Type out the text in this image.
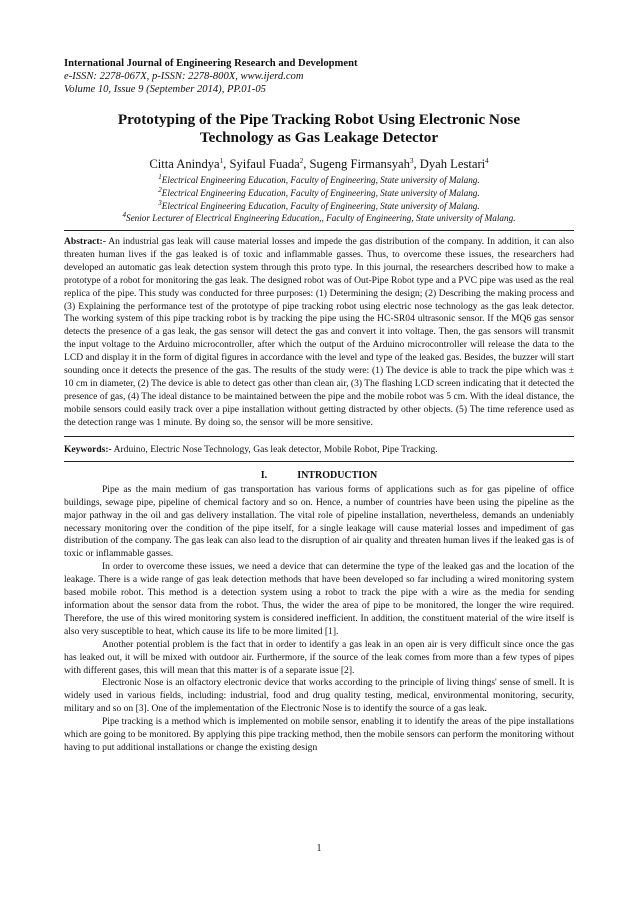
International Journal of Engineering Research and Development
e-ISSN: 2278-067X, p-ISSN: 2278-800X, www.ijerd.com
Volume 10, Issue 9 (September 2014), PP.01-05
Prototyping of the Pipe Tracking Robot Using Electronic Nose Technology as Gas Leakage Detector
Citta Anindya$^1$, Syifaul Fuada$^2$, Sugeng Firmansyah$^3$, Dyah Lestari$^4$
$^1$Electrical Engineering Education, Faculty of Engineering, State university of Malang.
$^2$Electrical Engineering Education, Faculty of Engineering, State university of Malang.
$^3$Electrical Engineering Education, Faculty of Engineering, State university of Malang.
$^4$Senior Lecturer of Electrical Engineering Education,, Faculty of Engineering, State university of Malang.
Abstract:- An industrial gas leak will cause material losses and impede the gas distribution of the company. In addition, it can also threaten human lives if the gas leaked is of toxic and inflammable gasses. Thus, to overcome these issues, the researchers had developed an automatic gas leak detection system through this proto type. In this journal, the researchers described how to make a prototype of a robot for monitoring the gas leak. The designed robot was of Out-Pipe Robot type and a PVC pipe was used as the real replica of the pipe. This study was conducted for three purposes: (1) Determining the design; (2) Describing the making process and (3) Explaining the performance test of the prototype of pipe tracking robot using electric nose technology as the gas leak detector. The working system of this pipe tracking robot is by tracking the pipe using the HC-SR04 ultrasonic sensor. If the MQ6 gas sensor detects the presence of a gas leak, the gas sensor will detect the gas and convert it into voltage. Then, the gas sensors will transmit the input voltage to the Arduino microcontroller, after which the output of the Arduino microcontroller will release the data to the LCD and display it in the form of digital figures in accordance with the level and type of the leaked gas. Besides, the buzzer will start sounding once it detects the presence of the gas. The results of the study were: (1) The device is able to track the pipe which was ± 10 cm in diameter, (2) The device is able to detect gas other than clean air, (3) The flashing LCD screen indicating that it detected the presence of gas, (4) The ideal distance to be maintained between the pipe and the mobile robot was 5 cm. With the ideal distance, the mobile sensors could easily track over a pipe installation without getting distracted by other objects. (5) The time reference used as the detection range was 1 minute. By doing so, the sensor will be more sensitive.
Keywords:- Arduino, Electric Nose Technology, Gas leak detector, Mobile Robot, Pipe Tracking.
I.	INTRODUCTION

Pipe as the main medium of gas transportation has various forms of applications such as for gas pipeline of office buildings, sewage pipe, pipeline of chemical factory and so on. Hence, a number of countries have been using the pipeline as the major pathway in the oil and gas delivery installation. The vital role of pipeline installation, nevertheless, demands an undeniably necessary monitoring over the condition of the pipe itself, for a single leakage will cause material losses and impediment of gas distribution of the company. The gas leak can also lead to the disruption of air quality and threaten human lives if the leaked gas is of toxic or inflammable gasses.

In order to overcome these issues, we need a device that can determine the type of the leaked gas and the location of the leakage. There is a wide range of gas leak detection methods that have been developed so far including a wired monitoring system based mobile robot. This method is a detection system using a robot to track the pipe with a wire as the media for sending information about the sensor data from the robot. Thus, the wider the area of pipe to be monitored, the longer the wire required. Therefore, the use of this wired monitoring system is considered inefficient. In addition, the constituent material of the wire itself is also very susceptible to heat, which cause its life to be more limited [1].

Another potential problem is the fact that in order to identify a gas leak in an open air is very difficult since once the gas has leaked out, it will be mixed with outdoor air. Furthermore, if the source of the leak comes from more than a few types of pipes with different gases, this will mean that this matter is of a separate issue [2].

Electronic Nose is an olfactory electronic device that works according to the principle of living things' sense of smell. It is widely used in various fields, including: industrial, food and drug quality testing, medical, environmental monitoring, security, military and so on [3]. One of the implementation of the Electronic Nose is to identify the source of a gas leak.

Pipe tracking is a method which is implemented on mobile sensor, enabling it to identify the areas of the pipe installations which are going to be monitored. By applying this pipe tracking method, then the mobile sensors can perform the monitoring without having to put additional installations or change the existing design

1
